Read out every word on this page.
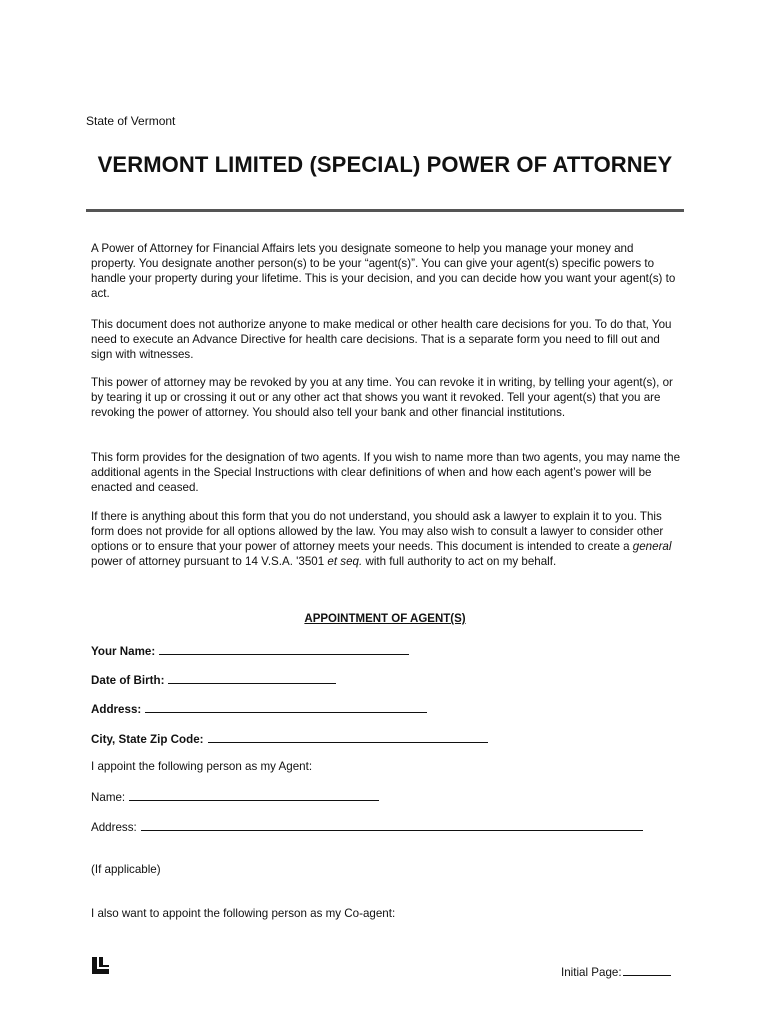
State of Vermont
VERMONT LIMITED (SPECIAL) POWER OF ATTORNEY

A Power of Attorney for Financial Affairs lets you designate someone to help you manage your money and property. You designate another person(s) to be your “agent(s)”. You can give your agent(s) specific powers to handle your property during your lifetime. This is your decision, and you can decide how you want your agent(s) to act.

This document does not authorize anyone to make medical or other health care decisions for you. To do that, You need to execute an Advance Directive for health care decisions. That is a separate form you need to fill out and sign with witnesses.

This power of attorney may be revoked by you at any time. You can revoke it in writing, by telling your agent(s), or by tearing it up or crossing it out or any other act that shows you want it revoked. Tell your agent(s) that you are revoking the power of attorney. You should also tell your bank and other financial institutions.

This form provides for the designation of two agents. If you wish to name more than two agents, you may name the additional agents in the Special Instructions with clear definitions of when and how each agent’s power will be enacted and ceased.

If there is anything about this form that you do not understand, you should ask a lawyer to explain it to you. This form does not provide for all options allowed by the law. You may also wish to consult a lawyer to consider other options or to ensure that your power of attorney meets your needs. This document is intended to create a general power of attorney pursuant to 14 V.S.A. '3501 et seq. with full authority to act on my behalf.

APPOINTMENT OF AGENT(S)
Your Name:
Date of Birth:
Address:
City, State Zip Code:
I appoint the following person as my Agent:
Name:
Address:
(If applicable)
I also want to appoint the following person as my Co-agent:
Initial Page:
